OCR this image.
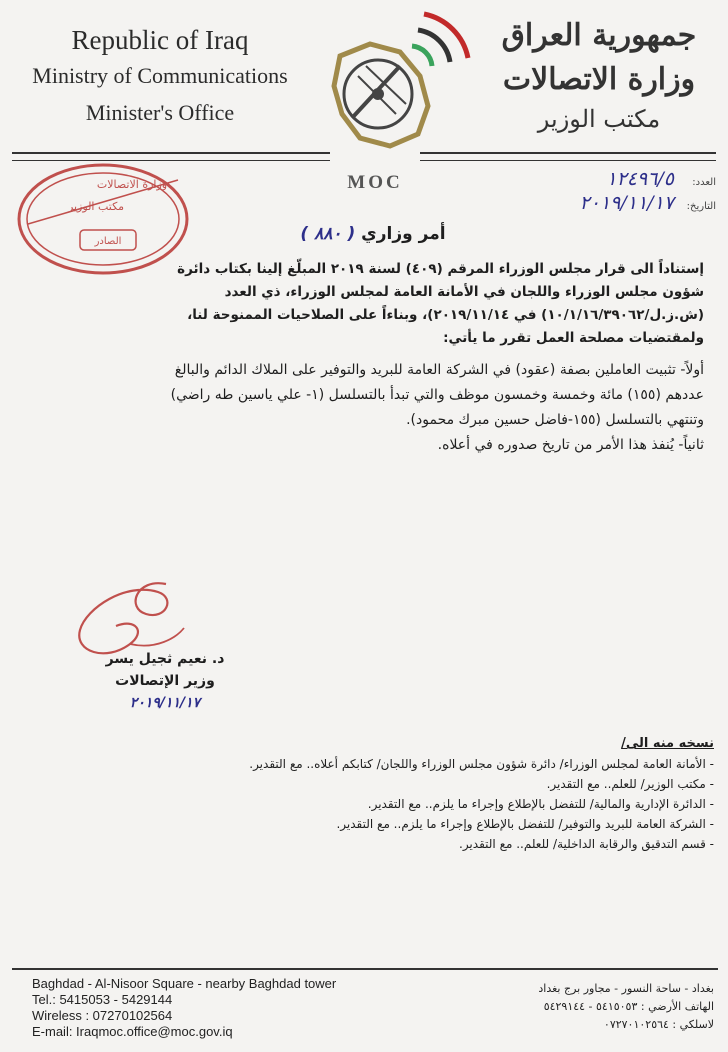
Republic of Iraq
Ministry of Communications
Minister's Office
جمهورية العراق
وزارة الاتصالات
مكتب الوزير
MOC	العدد:
١٢٤٩٦/٥
التاريخ:
٢٠١٩/١١/١٧
وزارة الاتصالات
مكتب الوزير
الصادر	أمر وزاري ( ٨٨٠ )

إستناداً الى قرار مجلس الوزراء المرقم (٤٠٩) لسنة ٢٠١٩ المبلّغ إلينا بكتاب دائرة

شؤون مجلس الوزراء واللجان في الأمانة العامة لمجلس الوزراء، ذي العدد

(ش.ز.ل/١٠/١/١٦/٣٩٠٦٢) في ٢٠١٩/١١/١٤)، وبناءاً على الصلاحيات الممنوحة لنا،

ولمقتضيات مصلحة العمل تقرر ما يأتي:

أولاً- تثبيت العاملين بصفة (عقود) في الشركة العامة للبريد والتوفير على الملاك الدائم والبالغ

عددهم (١٥٥) مائة وخمسة وخمسون موظف والتي تبدأ بالتسلسل (١- علي ياسين طه راضي)

وتنتهي بالتسلسل (١٥٥-فاضل حسين مبرك محمود).

ثانياً- يُنفذ هذا الأمر من تاريخ صدوره في أعلاه.

د. نعيم ثجيل يسر
وزير الإتصالات
٢٠١٩/١١/١٧
نسخه منه الى/
- الأمانة العامة لمجلس الوزراء/ دائرة شؤون مجلس الوزراء واللجان/ كتابكم أعلاه.. مع التقدير.
- مكتب الوزير/ للعلم.. مع التقدير.
- الدائرة الإدارية والمالية/ للتفضل بالإطلاع وإجراء ما يلزم.. مع التقدير.
- الشركة العامة للبريد والتوفير/ للتفضل بالإطلاع وإجراء ما يلزم.. مع التقدير.
- قسم التدقيق والرقابة الداخلية/ للعلم.. مع التقدير.
Baghdad - Al-Nisoor Square - nearby Baghdad tower
Tel.: 5415053 - 5429144
Wireless : 07270102564
E-mail: Iraqmoc.office@moc.gov.iq
بغداد - ساحة النسور - مجاور برج بغداد
الهاتف الأرضي : ٥٤١٥٠٥٣ - ٥٤٢٩١٤٤
لاسلكي : ٠٧٢٧٠١٠٢٥٦٤
